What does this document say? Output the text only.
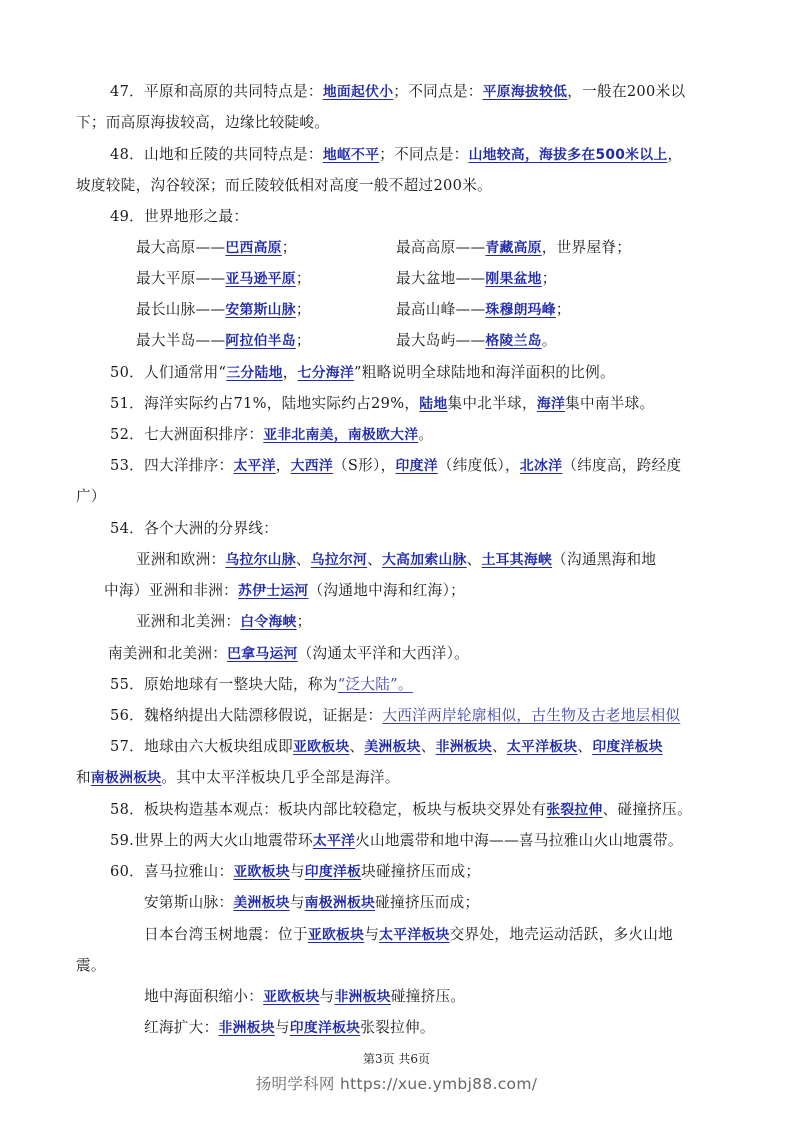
47．平原和高原的共同特点是：地面起伏小；不同点是：平原海拔较低，一般在200米以
下；而高原海拔较高，边缘比较陡峻。
48．山地和丘陵的共同特点是：地岖不平；不同点是：山地较高，海拔多在500米以上，
坡度较陡，沟谷较深；而丘陵较低相对高度一般不超过200米。
49．世界地形之最：
最大高原——巴西高原；	最高高原——青藏高原，世界屋脊；
最大平原——亚马逊平原；	最大盆地——刚果盆地；
最长山脉——安第斯山脉；	最高山峰——珠穆朗玛峰；
最大半岛——阿拉伯半岛；	最大岛屿——格陵兰岛。
50．人们通常用“三分陆地，七分海洋”粗略说明全球陆地和海洋面积的比例。
51．海洋实际约占71%，陆地实际约占29%，陆地集中北半球，海洋集中南半球。
52．七大洲面积排序：亚非北南美，南极欧大洋。
53．四大洋排序：太平洋，大西洋（S形），印度洋（纬度低），北冰洋（纬度高，跨经度
广）
54．各个大洲的分界线：
亚洲和欧洲：乌拉尔山脉、乌拉尔河、大高加索山脉、土耳其海峡（沟通黑海和地
中海）亚洲和非洲：苏伊士运河（沟通地中海和红海）；
亚洲和北美洲：白令海峡；
南美洲和北美洲：巴拿马运河（沟通太平洋和大西洋）。
55．原始地球有一整块大陆，称为“泛大陆”。
56．魏格纳提出大陆漂移假说，证据是：大西洋两岸轮廓相似，古生物及古老地层相似
57．地球由六大板块组成即亚欧板块、美洲板块、非洲板块、太平洋板块、印度洋板块
和南极洲板块。其中太平洋板块几乎全部是海洋。
58．板块构造基本观点：板块内部比较稳定，板块与板块交界处有张裂拉伸、碰撞挤压。
59.世界上的两大火山地震带环太平洋火山地震带和地中海——喜马拉雅山火山地震带。
60．喜马拉雅山：亚欧板块与印度洋板块碰撞挤压而成；
安第斯山脉：美洲板块与南极洲板块碰撞挤压而成；
日本台湾玉树地震：位于亚欧板块与太平洋板块交界处，地壳运动活跃，多火山地
震。
地中海面积缩小：亚欧板块与非洲板块碰撞挤压。
红海扩大：非洲板块与印度洋板块张裂拉伸。
第3页 共6页
扬明学科网 https://xue.ymbj88.com/
